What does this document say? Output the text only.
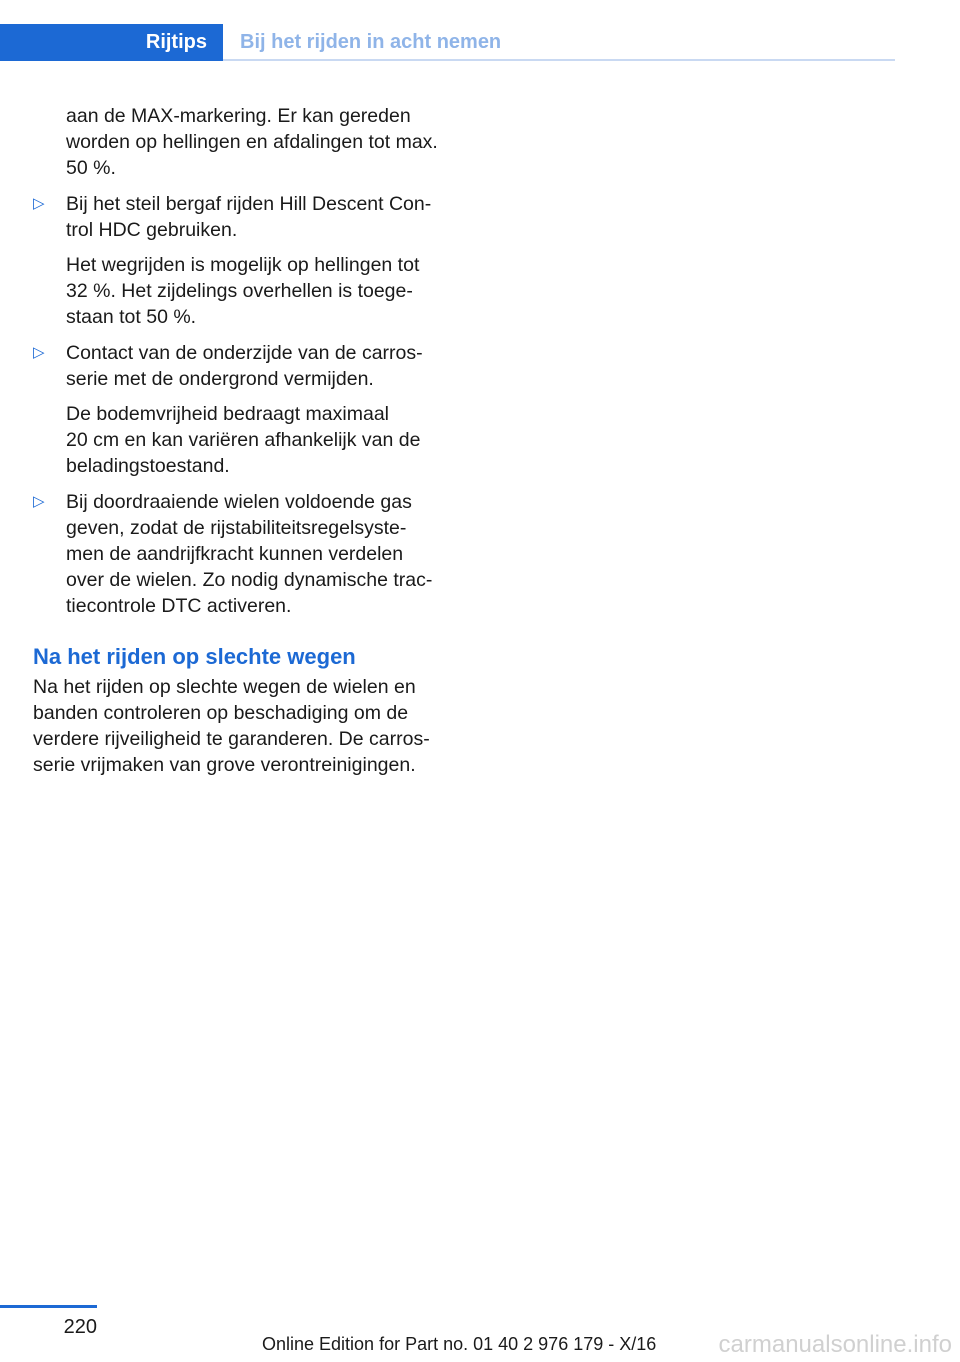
Rijtips	Bij het rijden in acht nemen
aan de MAX-markering. Er kan gereden
worden op hellingen en afdalingen tot max.
50 %.
▷ Bij het steil bergaf rijden Hill Descent Con-
trol HDC gebruiken.
Het wegrijden is mogelijk op hellingen tot
32 %. Het zijdelings overhellen is toege-
staan tot 50 %.
▷ Contact van de onderzijde van de carros-
serie met de ondergrond vermijden.
De bodemvrijheid bedraagt maximaal
20 cm en kan variëren afhankelijk van de
beladingstoestand.
▷ Bij doordraaiende wielen voldoende gas
geven, zodat de rijstabiliteitsregelsyste-
men de aandrijfkracht kunnen verdelen
over de wielen. Zo nodig dynamische trac-
tiecontrole DTC activeren.
Na het rijden op slechte wegen
Na het rijden op slechte wegen de wielen en
banden controleren op beschadiging om de
verdere rijveiligheid te garanderen. De carros-
serie vrijmaken van grove verontreinigingen.
220
Online Edition for Part no. 01 40 2 976 179 - X/16	carmanualsonline.info
